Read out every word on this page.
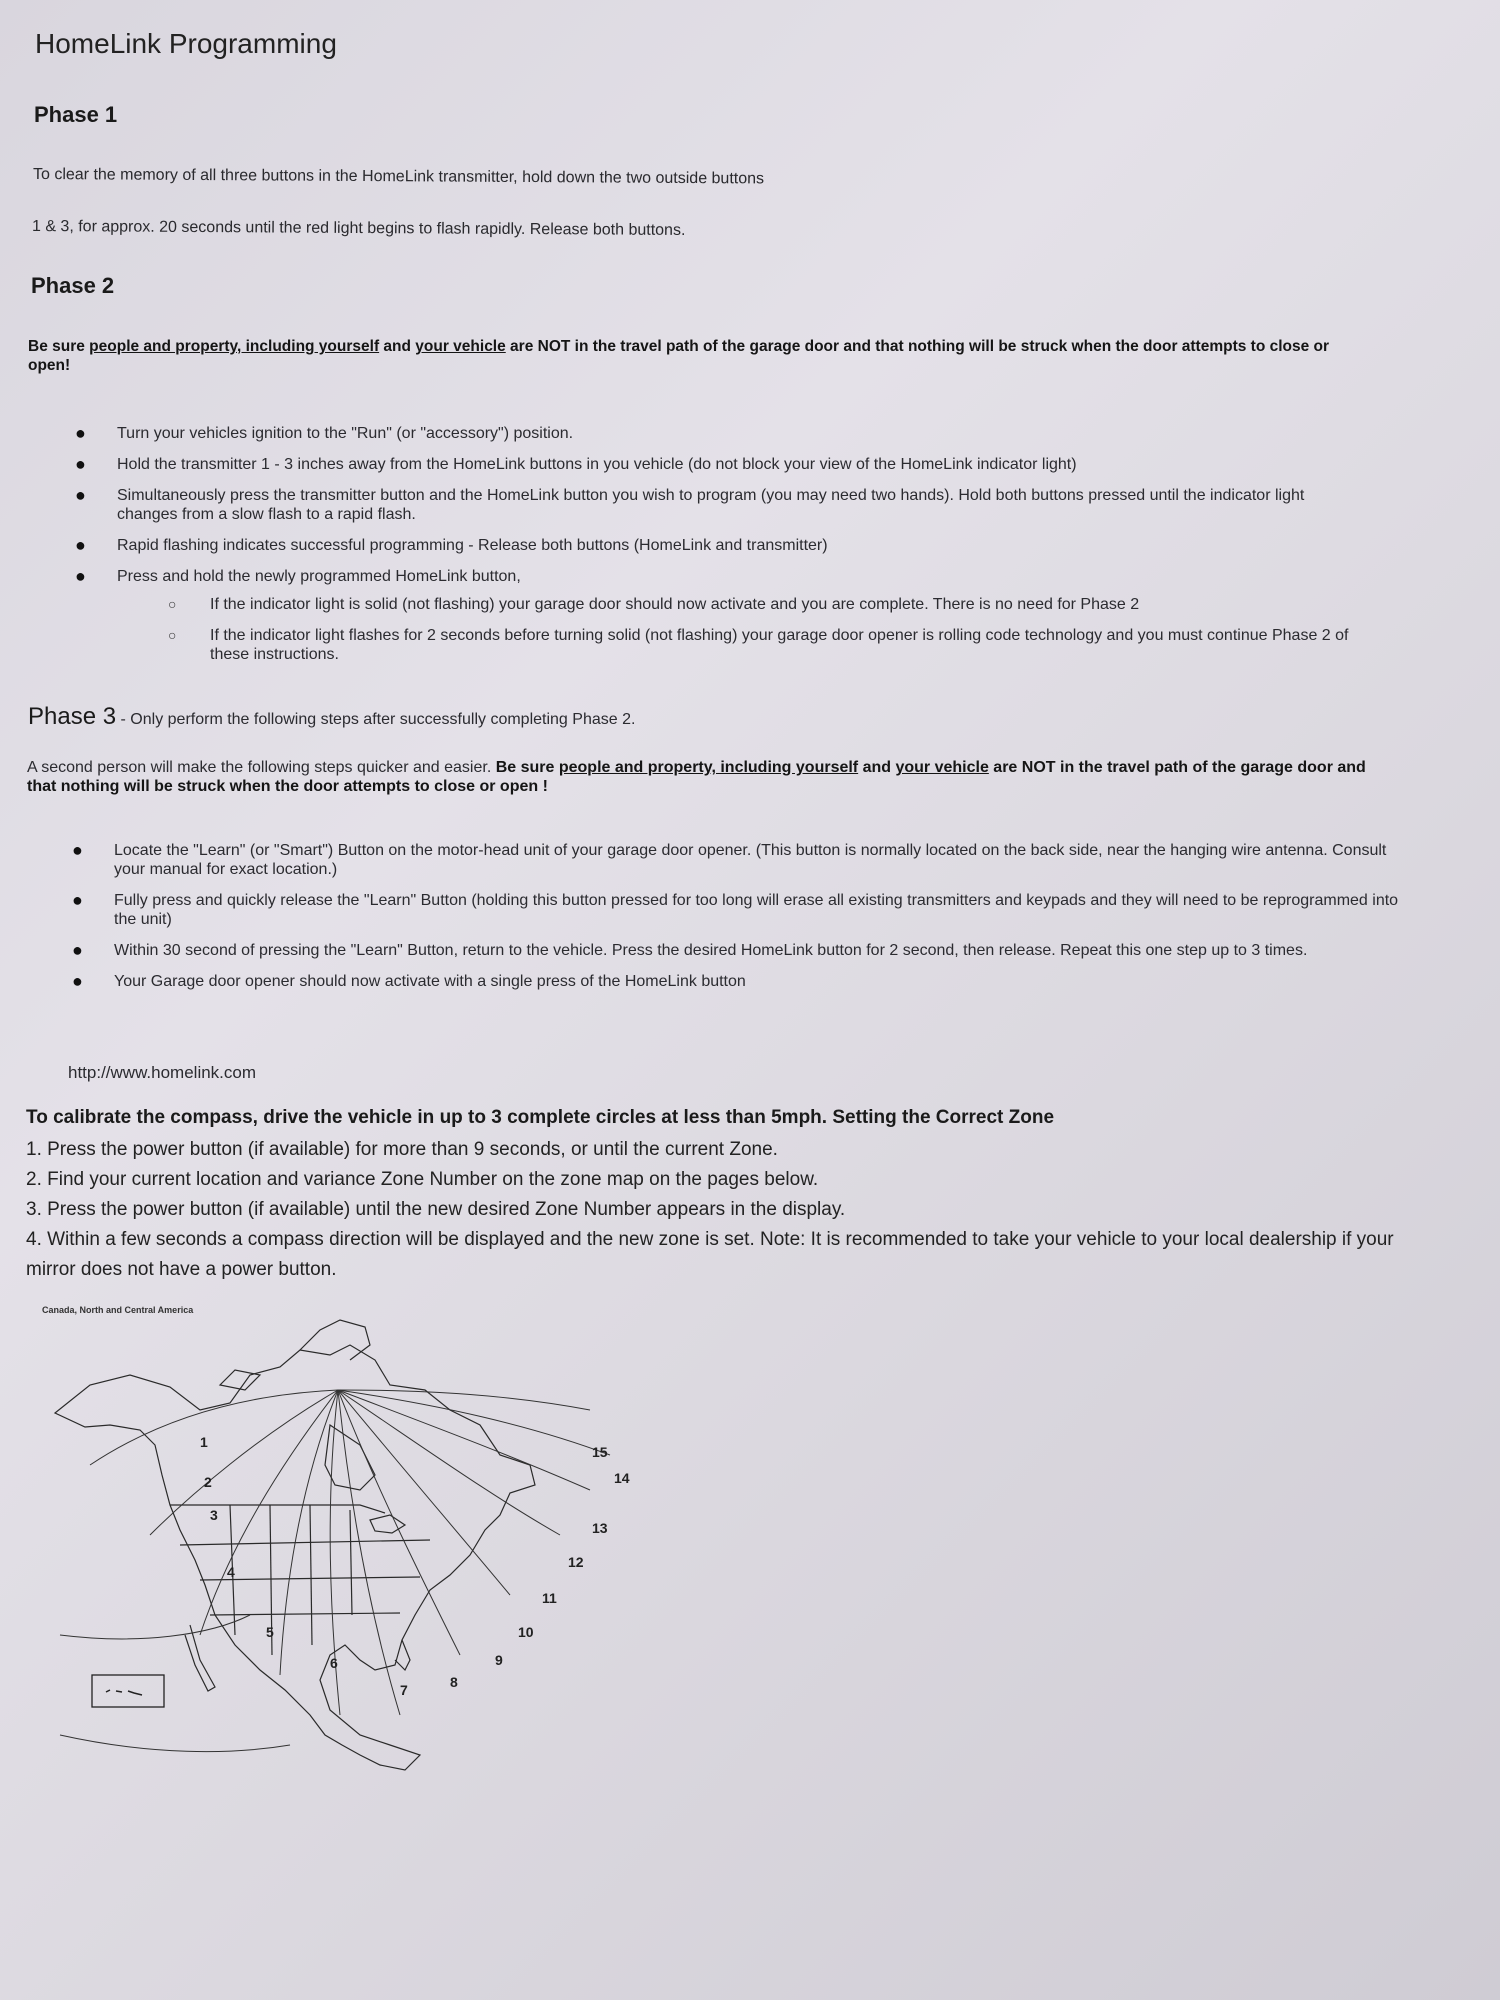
HomeLink Programming
Phase 1
To clear the memory of all three buttons in the HomeLink transmitter, hold down the two outside buttons
1 & 3, for approx. 20 seconds until the red light begins to flash rapidly. Release both buttons.
Phase 2
Be sure people and property, including yourself and your vehicle are NOT in the travel path of the garage door and that nothing will be struck when the door attempts to close or open!
● Turn your vehicles ignition to the "Run" (or "accessory") position.
● Hold the transmitter 1 - 3 inches away from the HomeLink buttons in you vehicle (do not block your view of the HomeLink indicator light)
● Simultaneously press the transmitter button and the HomeLink button you wish to program (you may need two hands). Hold both buttons pressed until the indicator light changes from a slow flash to a rapid flash.
● Rapid flashing indicates successful programming - Release both buttons (HomeLink and transmitter)
● Press and hold the newly programmed HomeLink button,
○ If the indicator light is solid (not flashing) your garage door should now activate and you are complete. There is no need for Phase 2
○ If the indicator light flashes for 2 seconds before turning solid (not flashing) your garage door opener is rolling code technology and you must continue Phase 2 of these instructions.
Phase 3 - Only perform the following steps after successfully completing Phase 2.
A second person will make the following steps quicker and easier. Be sure people and property, including yourself and your vehicle are NOT in the travel path of the garage door and that nothing will be struck when the door attempts to close or open !
● Locate the "Learn" (or "Smart") Button on the motor-head unit of your garage door opener. (This button is normally located on the back side, near the hanging wire antenna. Consult your manual for exact location.)
● Fully press and quickly release the "Learn" Button (holding this button pressed for too long will erase all existing transmitters and keypads and they will need to be reprogrammed into the unit)
● Within 30 second of pressing the "Learn" Button, return to the vehicle. Press the desired HomeLink button for 2 second, then release. Repeat this one step up to 3 times.
● Your Garage door opener should now activate with a single press of the HomeLink button
http://www.homelink.com
To calibrate the compass, drive the vehicle in up to 3 complete circles at less than 5mph. Setting the Correct Zone
1. Press the power button (if available) for more than 9 seconds, or until the current Zone.
2. Find your current location and variance Zone Number on the zone map on the pages below.
3. Press the power button (if available) until the new desired Zone Number appears in the display.
4. Within a few seconds a compass direction will be displayed and the new zone is set. Note: It is recommended to take your vehicle to your local dealership if your mirror does not have a power button.
Canada, North and Central America
1
2
3
4
5
6
7	8
9
10
11
12
13
14
15
